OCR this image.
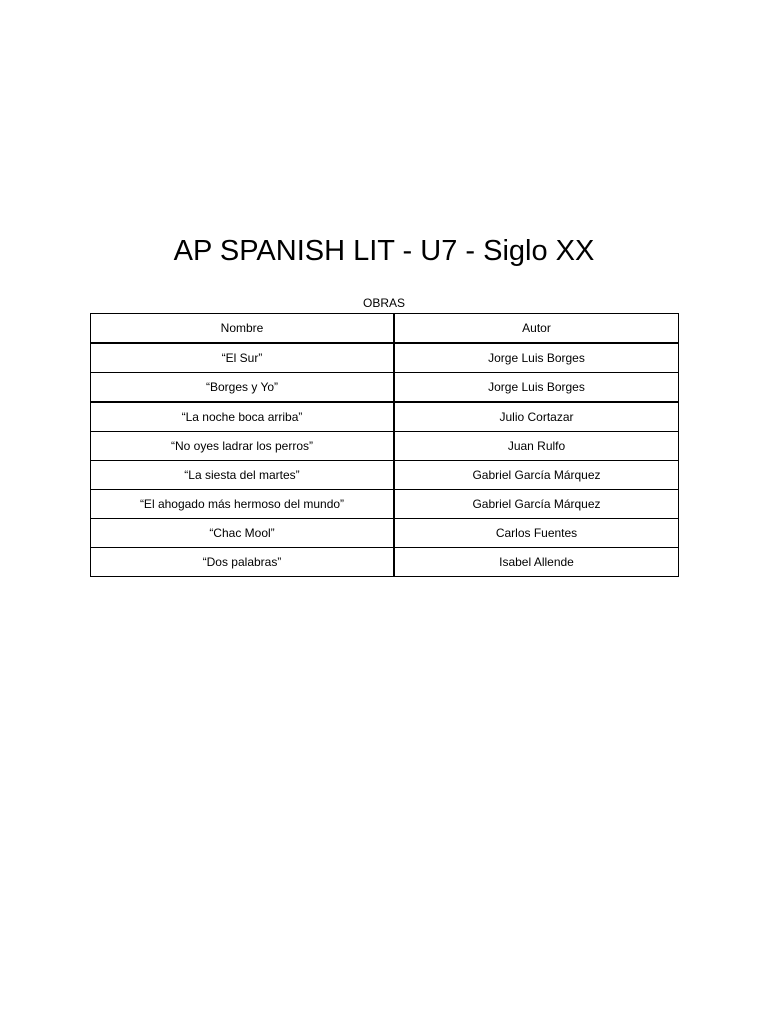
AP SPANISH LIT - U7 - Siglo XX
OBRAS
Nombre	Autor
“El Sur”	Jorge Luis Borges
“Borges y Yo”	Jorge Luis Borges
“La noche boca arriba”	Julio Cortazar
“No oyes ladrar los perros”	Juan Rulfo
“La siesta del martes”	Gabriel García Márquez
“El ahogado más hermoso del mundo”	Gabriel García Márquez
“Chac Mool”	Carlos Fuentes
“Dos palabras”	Isabel Allende
